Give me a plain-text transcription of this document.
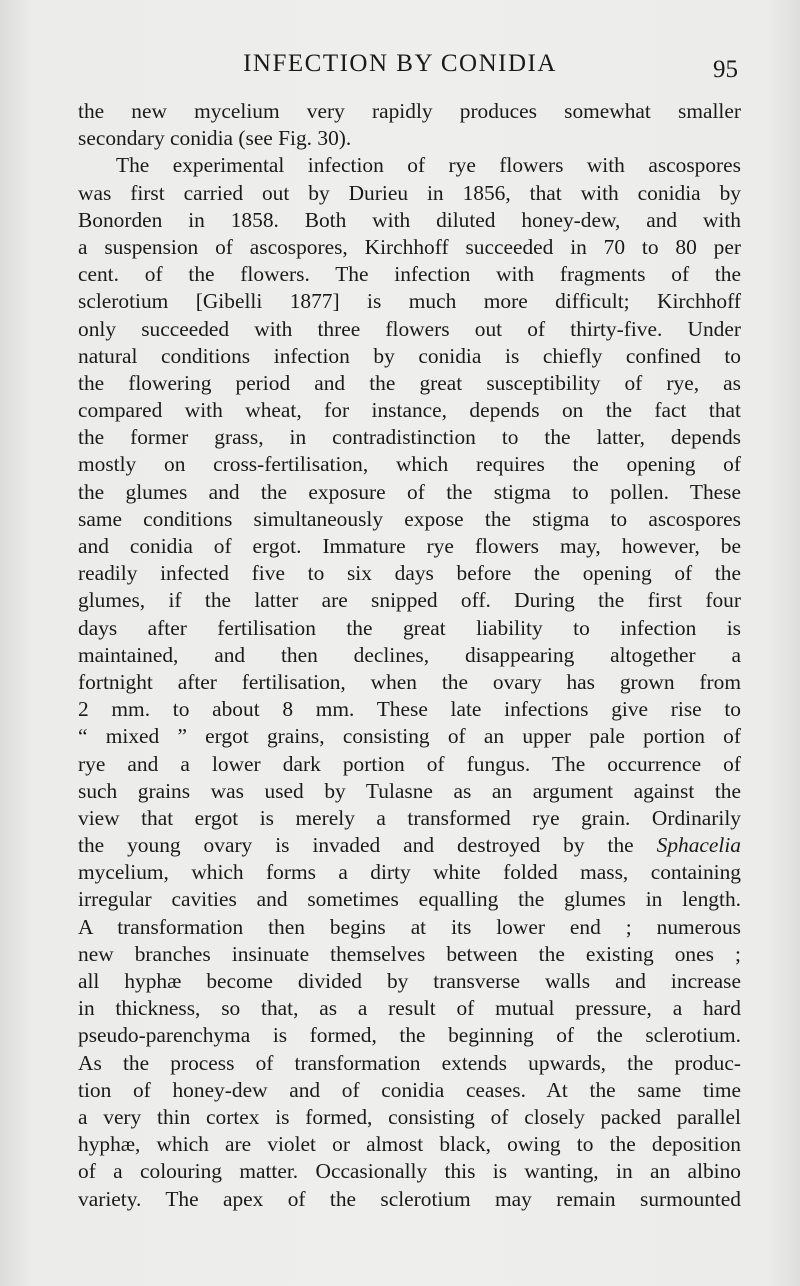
INFECTION BY CONIDIA	95
the new mycelium very rapidly produces somewhat smaller
secondary conidia (see Fig. 30).
The experimental infection of rye flowers with ascospores
was first carried out by Durieu in 1856, that with conidia by
Bonorden in 1858. Both with diluted honey-dew, and with
a suspension of ascospores, Kirchhoff succeeded in 70 to 80 per
cent. of the flowers. The infection with fragments of the
sclerotium [Gibelli 1877] is much more difficult; Kirchhoff
only succeeded with three flowers out of thirty-five. Under
natural conditions infection by conidia is chiefly confined to
the flowering period and the great susceptibility of rye, as
compared with wheat, for instance, depends on the fact that
the former grass, in contradistinction to the latter, depends
mostly on cross-fertilisation, which requires the opening of
the glumes and the exposure of the stigma to pollen. These
same conditions simultaneously expose the stigma to ascospores
and conidia of ergot. Immature rye flowers may, however, be
readily infected five to six days before the opening of the
glumes, if the latter are snipped off. During the first four
days after fertilisation the great liability to infection is
maintained, and then declines, disappearing altogether a
fortnight after fertilisation, when the ovary has grown from
2 mm. to about 8 mm. These late infections give rise to
“ mixed ” ergot grains, consisting of an upper pale portion of
rye and a lower dark portion of fungus. The occurrence of
such grains was used by Tulasne as an argument against the
view that ergot is merely a transformed rye grain. Ordinarily
the young ovary is invaded and destroyed by the Sphacelia
mycelium, which forms a dirty white folded mass, containing
irregular cavities and sometimes equalling the glumes in length.
A transformation then begins at its lower end ; numerous
new branches insinuate themselves between the existing ones ;
all hyphæ become divided by transverse walls and increase
in thickness, so that, as a result of mutual pressure, a hard
pseudo-parenchyma is formed, the beginning of the sclerotium.
As the process of transformation extends upwards, the produc-
tion of honey-dew and of conidia ceases. At the same time
a very thin cortex is formed, consisting of closely packed parallel
hyphæ, which are violet or almost black, owing to the deposition
of a colouring matter. Occasionally this is wanting, in an albino
variety. The apex of the sclerotium may remain surmounted
